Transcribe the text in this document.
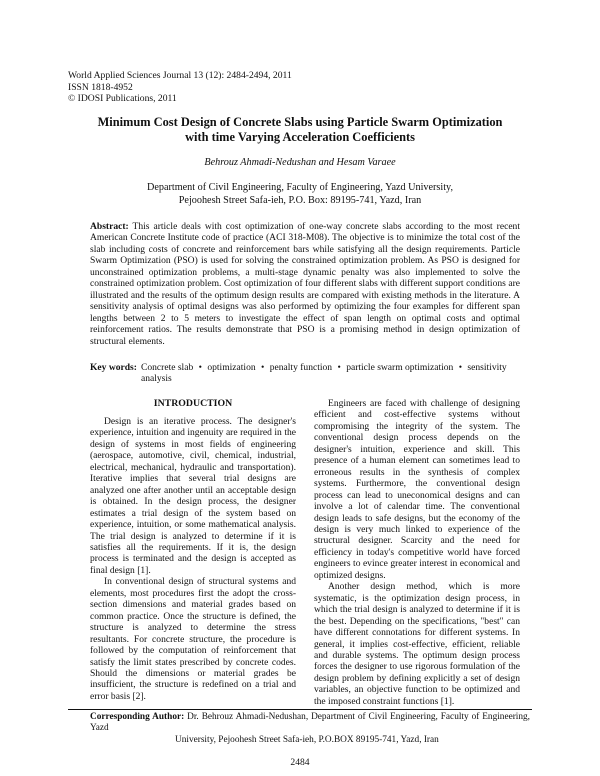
World Applied Sciences Journal 13 (12): 2484-2494, 2011
ISSN 1818-4952
© IDOSI Publications, 2011
Minimum Cost Design of Concrete Slabs using Particle Swarm Optimization
with time Varying Acceleration Coefficients
Behrouz Ahmadi-Nedushan and Hesam Varaee
Department of Civil Engineering, Faculty of Engineering, Yazd University,
Pejoohesh Street Safa-ieh, P.O. Box: 89195-741, Yazd, Iran
Abstract: This article deals with cost optimization of one-way concrete slabs according to the most recent American Concrete Institute code of practice (ACI 318-M08). The objective is to minimize the total cost of the slab including costs of concrete and reinforcement bars while satisfying all the design requirements. Particle Swarm Optimization (PSO) is used for solving the constrained optimization problem. As PSO is designed for unconstrained optimization problems, a multi-stage dynamic penalty was also implemented to solve the constrained optimization problem. Cost optimization of four different slabs with different support conditions are illustrated and the results of the optimum design results are compared with existing methods in the literature. A sensitivity analysis of optimal designs was also performed by optimizing the four examples for different span lengths between 2 to 5 meters to investigate the effect of span length on optimal costs and optimal reinforcement ratios. The results demonstrate that PSO is a promising method in design optimization of structural elements.
Key words: Concrete slab • optimization • penalty function • particle swarm optimization • sensitivity analysis
INTRODUCTION

Design is an iterative process. The designer's experience, intuition and ingenuity are required in the design of systems in most fields of engineering (aerospace, automotive, civil, chemical, industrial, electrical, mechanical, hydraulic and transportation). Iterative implies that several trial designs are analyzed one after another until an acceptable design is obtained. In the design process, the designer estimates a trial design of the system based on experience, intuition, or some mathematical analysis. The trial design is analyzed to determine if it is satisfies all the requirements. If it is, the design process is terminated and the design is accepted as final design [1].

In conventional design of structural systems and elements, most procedures first the adopt the cross-section dimensions and material grades based on common practice. Once the structure is defined, the structure is analyzed to determine the stress resultants. For concrete structure, the procedure is followed by the computation of reinforcement that satisfy the limit states prescribed by concrete codes. Should the dimensions or material grades be insufficient, the structure is redefined on a trial and error basis [2].

Engineers are faced with challenge of designing efficient and cost-effective systems without compromising the integrity of the system. The conventional design process depends on the designer's intuition, experience and skill. This presence of a human element can sometimes lead to erroneous results in the synthesis of complex systems. Furthermore, the conventional design process can lead to uneconomical designs and can involve a lot of calendar time. The conventional design leads to safe designs, but the economy of the design is very much linked to experience of the structural designer. Scarcity and the need for efficiency in today's competitive world have forced engineers to evince greater interest in economical and optimized designs.

Another design method, which is more systematic, is the optimization design process, in which the trial design is analyzed to determine if it is the best. Depending on the specifications, "best" can have different connotations for different systems. In general, it implies cost-effective, efficient, reliable and durable systems. The optimum design process forces the designer to use rigorous formulation of the design problem by defining explicitly a set of design variables, an objective function to be optimized and the imposed constraint functions [1].

Corresponding Author: Dr. Behrouz Ahmadi-Nedushan, Department of Civil Engineering, Faculty of Engineering, Yazd
University, Pejoohesh Street Safa-ieh, P.O.BOX 89195-741, Yazd, Iran
2484
